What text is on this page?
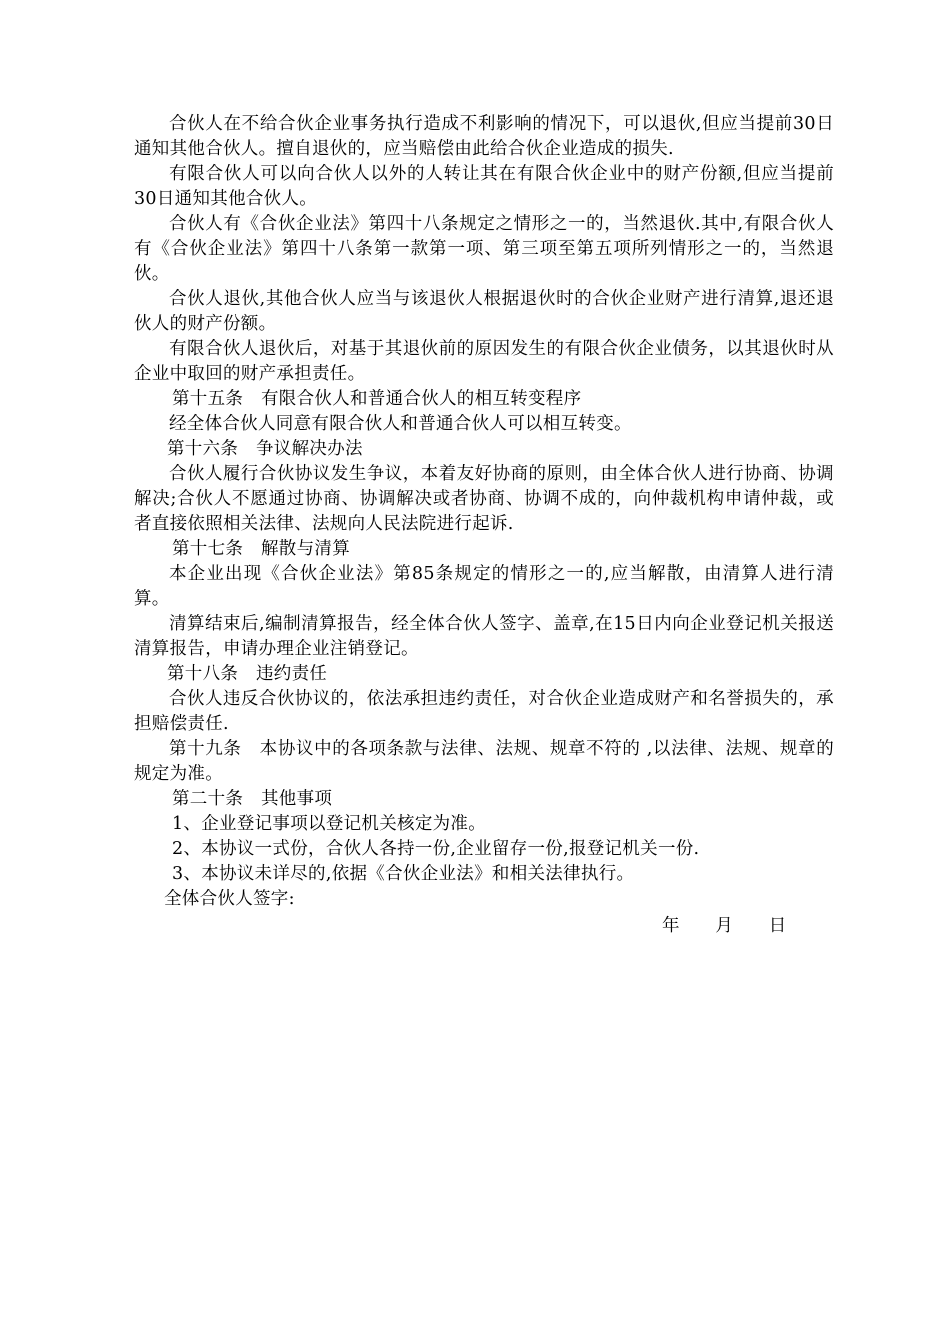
合伙人在不给合伙企业事务执行造成不利影响的情况下，可以退伙,但应当提前30日通知其他合伙人。擅自退伙的，应当赔偿由此给合伙企业造成的损失.

有限合伙人可以向合伙人以外的人转让其在有限合伙企业中的财产份额,但应当提前30日通知其他合伙人。

合伙人有《合伙企业法》第四十八条规定之情形之一的，当然退伙.其中,有限合伙人有《合伙企业法》第四十八条第一款第一项、第三项至第五项所列情形之一的，当然退伙。

合伙人退伙,其他合伙人应当与该退伙人根据退伙时的合伙企业财产进行清算,退还退伙人的财产份额。

有限合伙人退伙后，对基于其退伙前的原因发生的有限合伙企业债务，以其退伙时从企业中取回的财产承担责任。

第十五条　有限合伙人和普通合伙人的相互转变程序

经全体合伙人同意有限合伙人和普通合伙人可以相互转变。

第十六条　争议解决办法

合伙人履行合伙协议发生争议，本着友好协商的原则，由全体合伙人进行协商、协调解决;合伙人不愿通过协商、协调解决或者协商、协调不成的，向仲裁机构申请仲裁，或者直接依照相关法律、法规向人民法院进行起诉.

第十七条　解散与清算

本企业出现《合伙企业法》第85条规定的情形之一的,应当解散，由清算人进行清算。

清算结束后,编制清算报告，经全体合伙人签字、盖章,在15日内向企业登记机关报送清算报告，申请办理企业注销登记。

第十八条　违约责任

合伙人违反合伙协议的，依法承担违约责任，对合伙企业造成财产和名誉损失的，承担赔偿责任.

第十九条　本协议中的各项条款与法律、法规、规章不符的 ,以法律、法规、规章的规定为准。

第二十条　其他事项

1、企业登记事项以登记机关核定为准。

2、本协议一式份，合伙人各持一份,企业留存一份,报登记机关一份.

3、本协议未详尽的,依据《合伙企业法》和相关法律执行。

全体合伙人签字:

年　　月　　日
